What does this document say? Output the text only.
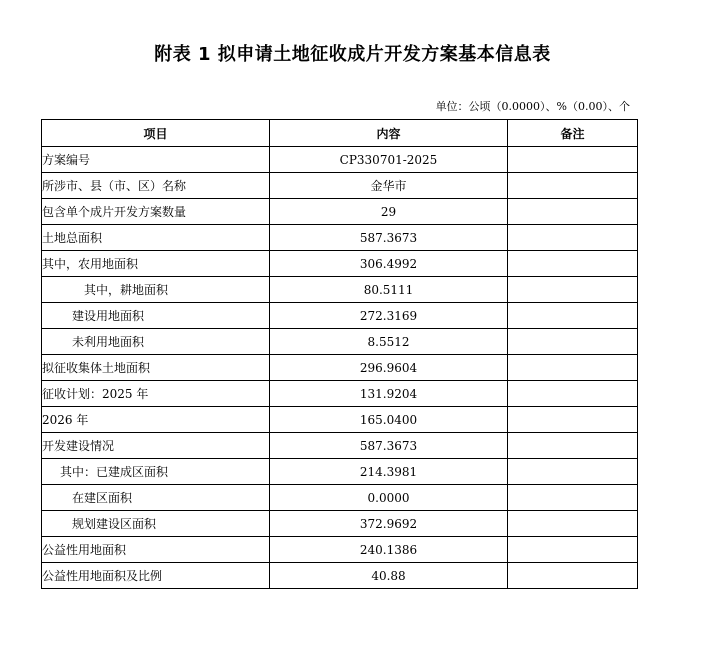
附表 1 拟申请土地征收成片开发方案基本信息表
单位：公顷（0.0000）、%（0.00）、个
项目	内容	备注
方案编号	CP330701-2025	
所涉市、县（市、区）名称	金华市	
包含单个成片开发方案数量	29	
土地总面积	587.3673	
其中，农用地面积	306.4992	
其中，耕地面积	80.5111	
建设用地面积	272.3169	
未利用地面积	8.5512	
拟征收集体土地面积	296.9604	
征收计划：2025 年	131.9204	
2026 年	165.0400	
开发建设情况	587.3673	
其中：已建成区面积	214.3981	
在建区面积	0.0000	
规划建设区面积	372.9692	
公益性用地面积	240.1386	
公益性用地面积及比例	40.88	
